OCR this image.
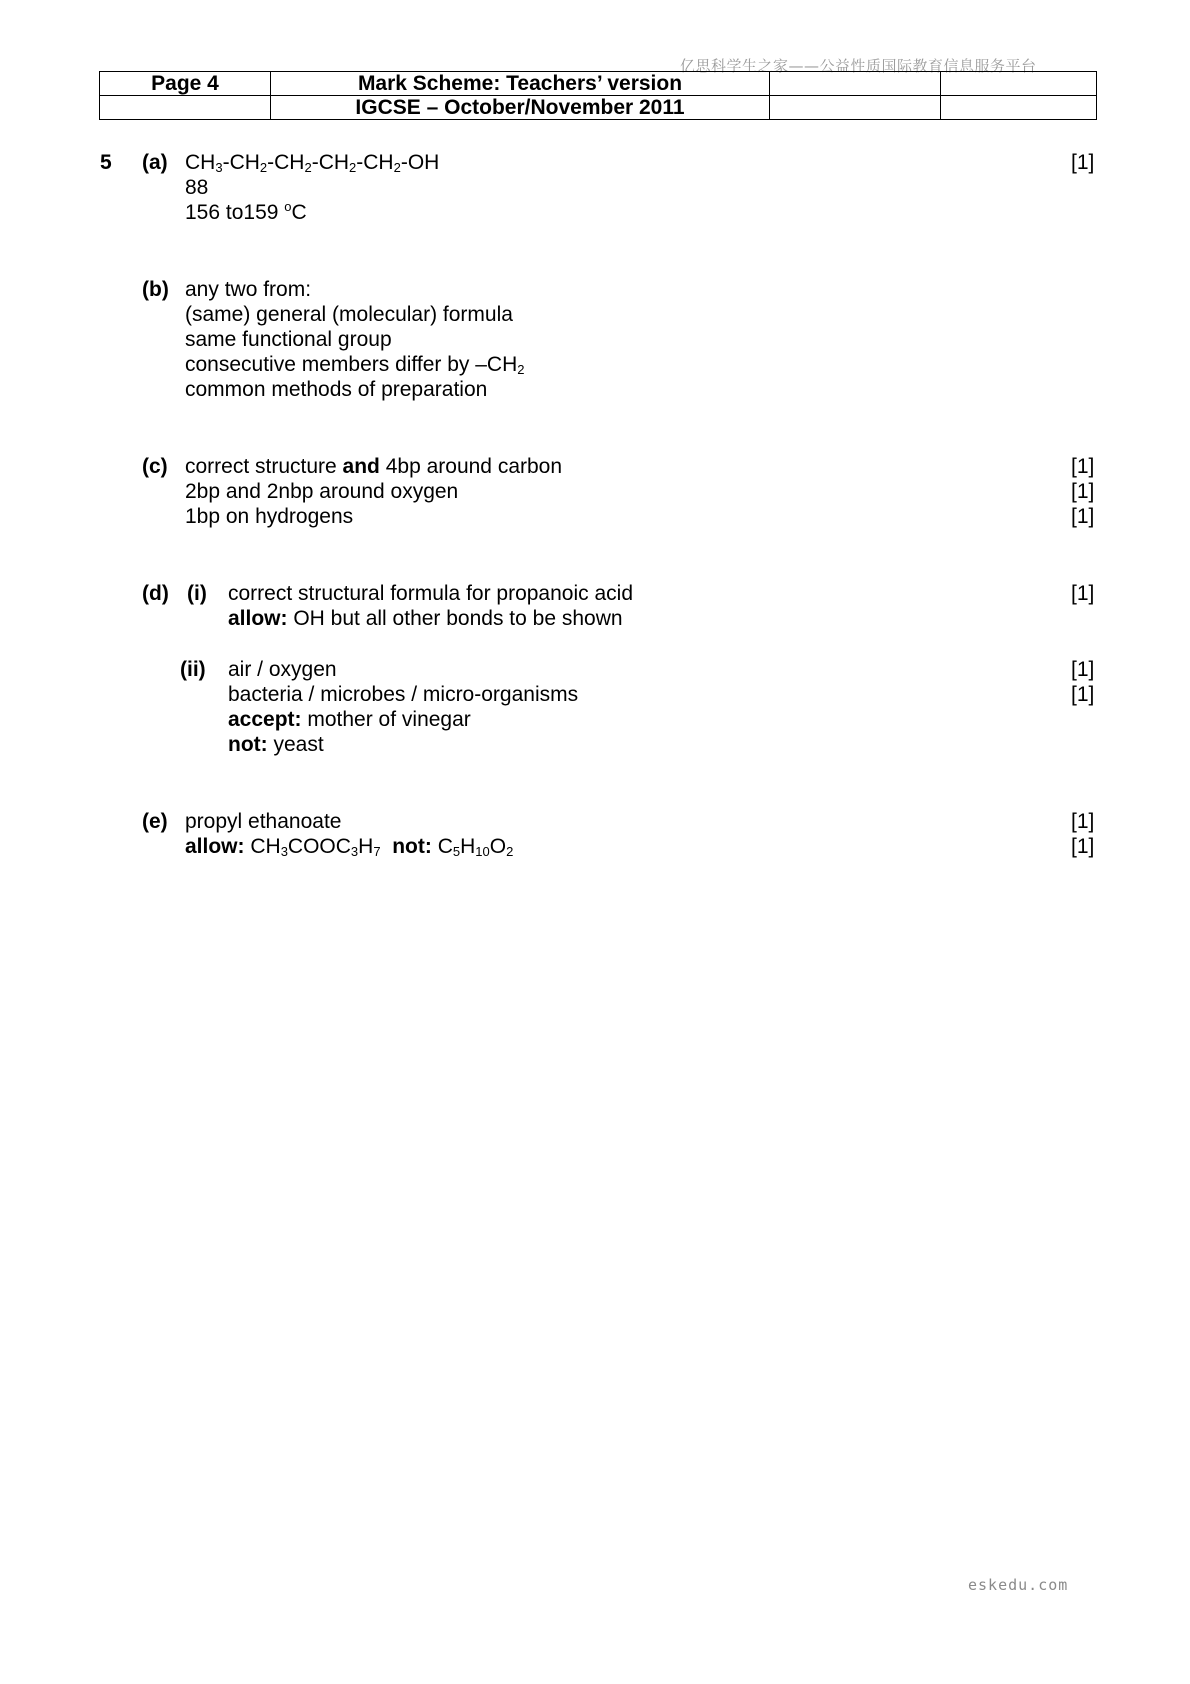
亿思科学生之家——公益性质国际教育信息服务平台
Page 4	Mark Scheme: Teachers’ version		
	IGCSE – October/November 2011		
5 (a) $CH_3-CH_2-CH_2-CH_2-CH_2-OH$	[1]
88
156 to159 $^o$C
(b) any two from:
(same) general (molecular) formula
same functional group
consecutive members differ by $-CH_2$
common methods of preparation
(c) correct structure and 4bp around carbon	[1]
2bp and 2nbp around oxygen	[1]
1bp on hydrogens	[1]
(d) (i) correct structural formula for propanoic acid	[1]
allow: OH but all other bonds to be shown
(ii) air / oxygen	[1]
bacteria / microbes / micro-organisms	[1]
accept: mother of vinegar
not: yeast
(e) propyl ethanoate	[1]
allow: $CH_3COOC_3H_7$ not: $C_5H_{10}O_2$	[1]
eskedu.com
